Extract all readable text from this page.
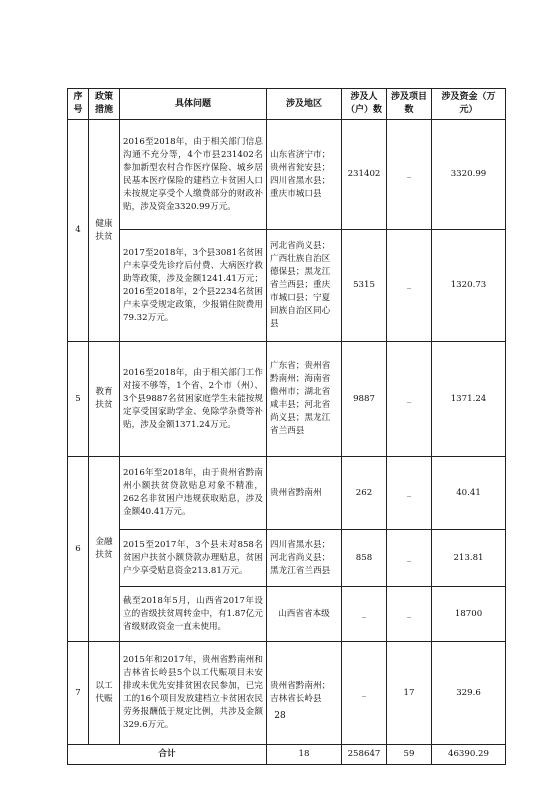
序号	政策措施	具体问题	涉及地区	涉及人（户）数	涉及项目数	涉及资金（万元）
4	健康扶贫	2016至2018年，由于相关部门信息沟通不充分等，4个市县231402名参加新型农村合作医疗保险、城乡居民基本医疗保险的建档立卡贫困人口未按规定享受个人缴费部分的财政补贴，涉及资金3320.99万元。	山东省济宁市；贵州省瓮安县；四川省黑水县；重庆市城口县	231402	_	3320.99
		2017至2018年，3个县3081名贫困户未享受先诊疗后付费、大病医疗救助等政策，涉及金额1241.41万元；2016至2018年，2个县2234名贫困户未享受规定政策，少报销住院费用79.32万元。	河北省尚义县；广西壮族自治区德保县；黑龙江省兰西县；重庆市城口县；宁夏回族自治区同心县	5315	_	1320.73
5	教育扶贫	2016至2018年，由于相关部门工作对接不够等，1个省、2个市（州）、3个县9887名贫困家庭学生未能按规定享受国家助学金、免除学杂费等补贴，涉及金额1371.24万元。	广东省；贵州省黔南州；海南省儋州市；湖北省咸丰县；河北省尚义县；黑龙江省兰西县	9887	_	1371.24
6	金融扶贫	2016年至2018年，由于贵州省黔南州小额扶贫贷款贴息对象不精准，262名非贫困户违规获取贴息，涉及金额40.41万元。	贵州省黔南州	262	_	40.41
		2015至2017年，3个县未对858名贫困户扶贫小额贷款办理贴息，贫困户少享受贴息资金213.81万元。	四川省黑水县；河北省尚义县；黑龙江省兰西县	858	_	213.81
		截至2018年5月，山西省2017年设立的省级扶贫周转金中，有1.87亿元省级财政资金一直未使用。	山西省省本级	_	_	18700
7	以工代赈	2015年和2017年，贵州省黔南州和吉林省长岭县5个以工代赈项目未安排或未优先安排贫困农民参加，已完工的16个项目发放建档立卡贫困农民劳务报酬低于规定比例，共涉及金额329.6万元。	贵州省黔南州；吉林省长岭县	_	17	329.6
合计			18	258647	59	46390.29
28
